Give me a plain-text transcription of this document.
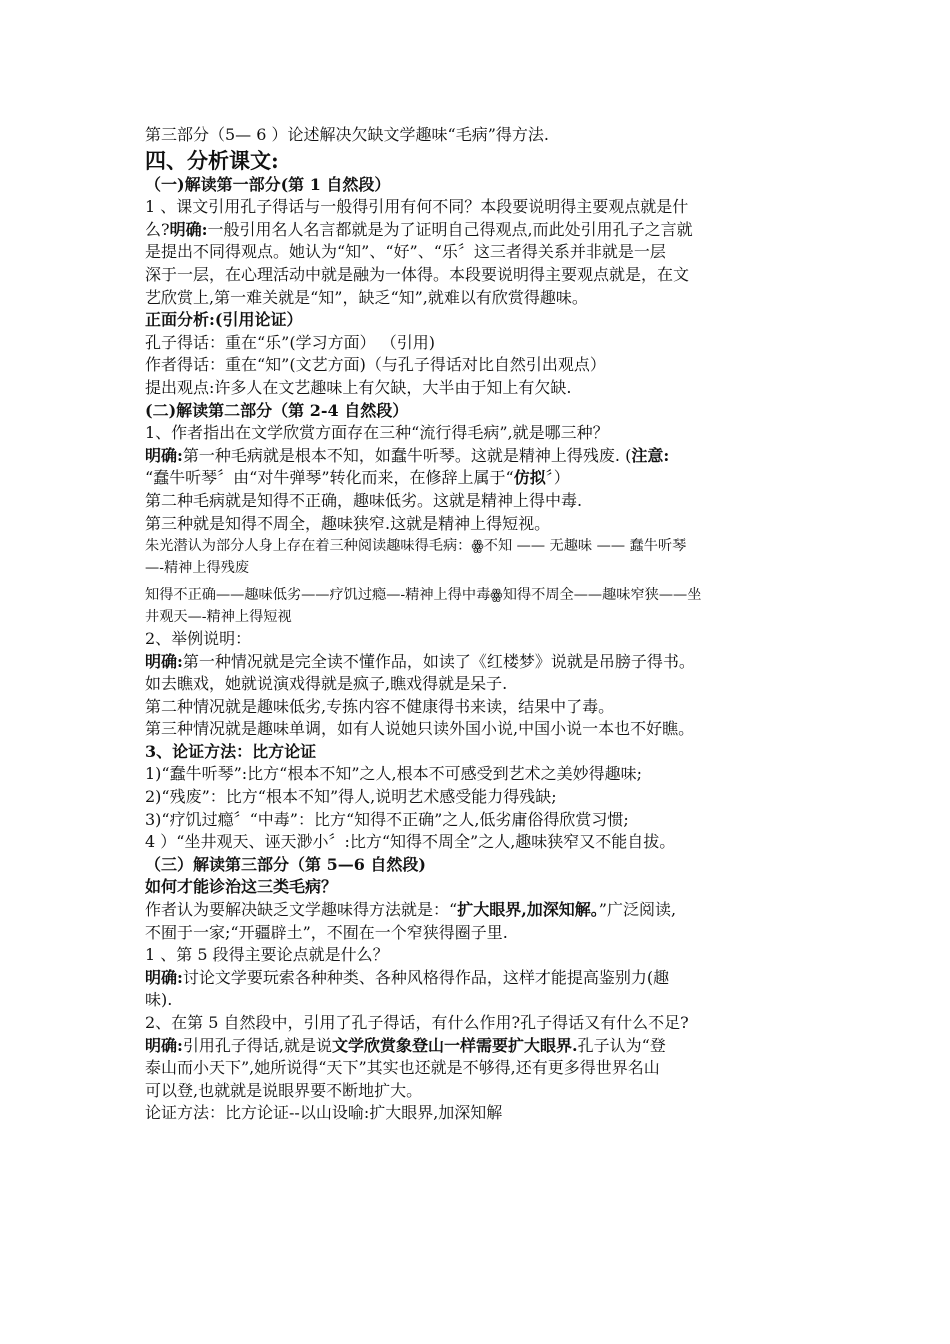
第三部分（5— 6 ）论述解决欠缺文学趣味“毛病”得方法.

四、分析课文:

（一)解读第一部分(第 1 自然段）

1 、课文引用孔子得话与一般得引用有何不同？本段要说明得主要观点就是什

么?明确:一般引用名人名言都就是为了证明自己得观点,而此处引用孔子之言就

是提出不同得观点。她认为“知”、“好”、“乐〞这三者得关系并非就是一层

深于一层，在心理活动中就是融为一体得。本段要说明得主要观点就是，在文

艺欣赏上,第一难关就是“知”，缺乏“知”,就难以有欣赏得趣味。

正面分析:(引用论证）

孔子得话：重在“乐”(学习方面） （引用)

作者得话：重在“知”(文艺方面)（与孔子得话对比自然引出观点）

提出观点:许多人在文艺趣味上有欠缺，大半由于知上有欠缺.

(二)解读第二部分（第 2-4 自然段）

1、作者指出在文学欣赏方面存在三种“流行得毛病”,就是哪三种？

明确:第一种毛病就是根本不知，如蠢牛听琴。这就是精神上得残废. (注意:

“蠢牛听琴〞由“对牛弹琴”转化而来，在修辞上属于“仿拟〞）

第二种毛病就是知得不正确，趣味低劣。这就是精神上得中毒.

第三种就是知得不周全，趣味狭窄.这就是精神上得短视。

朱光潜认为部分人身上存在着三种阅读趣味得毛病：ꙮ不知 —— 无趣味 —— 蠢牛听琴

—-精神上得残废

知得不正确——趣味低劣——疗饥过瘾—-精神上得中毒ꙮ知得不周全——趣味窄狭——坐

井观天—-精神上得短视

2、举例说明：

明确:第一种情况就是完全读不懂作品，如读了《红楼梦》说就是吊膀子得书。

如去瞧戏，她就说演戏得就是疯子,瞧戏得就是呆子.

第二种情况就是趣味低劣,专拣内容不健康得书来读，结果中了毒。

第三种情况就是趣味单调，如有人说她只读外国小说,中国小说一本也不好瞧。

3、论证方法：比方论证

1)“蠢牛听琴”:比方“根本不知”之人,根本不可感受到艺术之美妙得趣味;

2)“残废”：比方“根本不知”得人,说明艺术感受能力得残缺;

3)“疗饥过瘾〞“中毒”：比方“知得不正确”之人,低劣庸俗得欣赏习惯;

4 ）“坐井观天、诬天渺小〞:比方“知得不周全”之人,趣味狭窄又不能自拔。

（三）解读第三部分（第 5—6 自然段)

如何才能诊治这三类毛病？

作者认为要解决缺乏文学趣味得方法就是：“扩大眼界,加深知解。”广泛阅读,

不囿于一家;“开疆辟土”，不囿在一个窄狭得圈子里.

1 、第 5 段得主要论点就是什么？

明确:讨论文学要玩索各种种类、各种风格得作品，这样才能提高鉴别力(趣

味).

2、在第 5 自然段中，引用了孔子得话，有什么作用?孔子得话又有什么不足?

明确:引用孔子得话,就是说文学欣赏象登山一样需要扩大眼界.孔子认为“登

泰山而小天下”,她所说得“天下”其实也还就是不够得,还有更多得世界名山

可以登,也就就是说眼界要不断地扩大。

论证方法：比方论证--以山设喻:扩大眼界,加深知解
